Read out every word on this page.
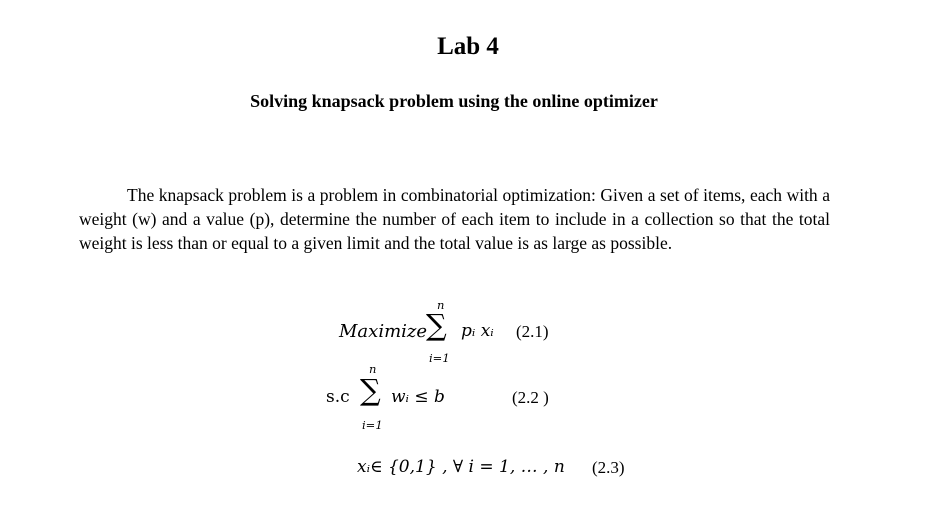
Lab 4
Solving knapsack problem using the online optimizer

The knapsack problem is a problem in combinatorial optimization: Given a set of items, each with a weight (w) and a value (p), determine the number of each item to include in a collection so that the total weight is less than or equal to a given limit and the total value is as large as possible.

Maximize
n
∑
i=1
pᵢ xᵢ (2.1)
s.c
n
∑
i=1
wᵢ ≤ b	(2.2 )
xᵢ∈ {0,1} , ∀ i = 1, … , n (2.3)
